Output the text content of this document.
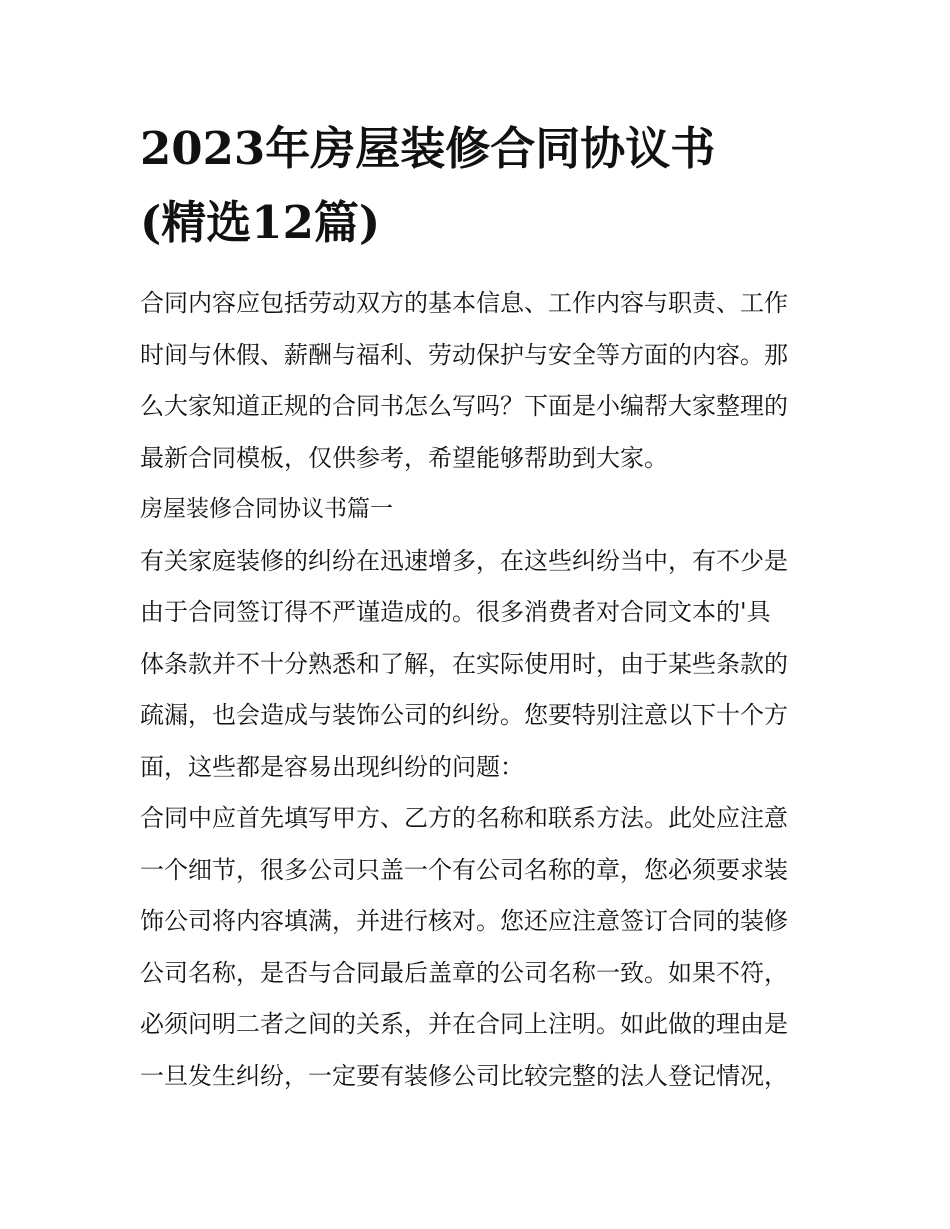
2023年房屋装修合同协议书
(精选12篇)
合同内容应包括劳动双方的基本信息、工作内容与职责、工作
时间与休假、薪酬与福利、劳动保护与安全等方面的内容。那
么大家知道正规的合同书怎么写吗？下面是小编帮大家整理的
最新合同模板，仅供参考，希望能够帮助到大家。
房屋装修合同协议书篇一
有关家庭装修的纠纷在迅速增多，在这些纠纷当中，有不少是
由于合同签订得不严谨造成的。很多消费者对合同文本的'具
体条款并不十分熟悉和了解，在实际使用时，由于某些条款的
疏漏，也会造成与装饰公司的纠纷。您要特别注意以下十个方
面，这些都是容易出现纠纷的问题：
合同中应首先填写甲方、乙方的名称和联系方法。此处应注意
一个细节，很多公司只盖一个有公司名称的章，您必须要求装
饰公司将内容填满，并进行核对。您还应注意签订合同的装修
公司名称，是否与合同最后盖章的公司名称一致。如果不符，
必须问明二者之间的关系，并在合同上注明。如此做的理由是
一旦发生纠纷，一定要有装修公司比较完整的法人登记情况，
